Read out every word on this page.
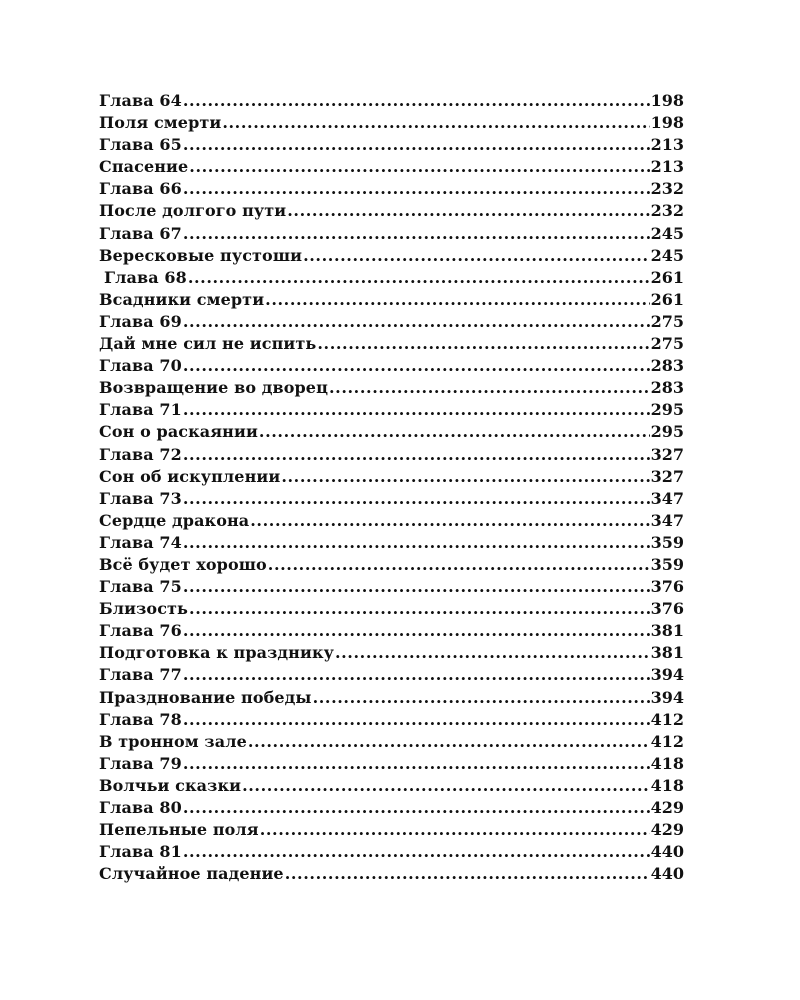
Глава 64 .....	198
Поля смерти .....	198
Глава 65 .....	213
Спасение .....	213
Глава 66 .....	232
После долгого пути .....	232
Глава 67 .....	245
Вересковые пустоши .....	245
Глава 68 .....	261
Всадники смерти .....	261
Глава 69 .....	275
Дай мне сил не испить .....	275
Глава 70 .....	283
Возвращение во дворец .....	283
Глава 71 .....	295
Сон о раскаянии .....	295
Глава 72 .....	327
Сон об искуплении .....	327
Глава 73 .....	347
Сердце дракона .....	347
Глава 74 .....	359
Всё будет хорошо .....	359
Глава 75 .....	376
Близость .....	376
Глава 76 .....	381
Подготовка к празднику .....	381
Глава 77 .....	394
Празднование победы .....	394
Глава 78 .....	412
В тронном зале .....	412
Глава 79 .....	418
Волчьи сказки .....	418
Глава 80 .....	429
Пепельные поля .....	429
Глава 81 .....	440
Случайное падение .....	440
